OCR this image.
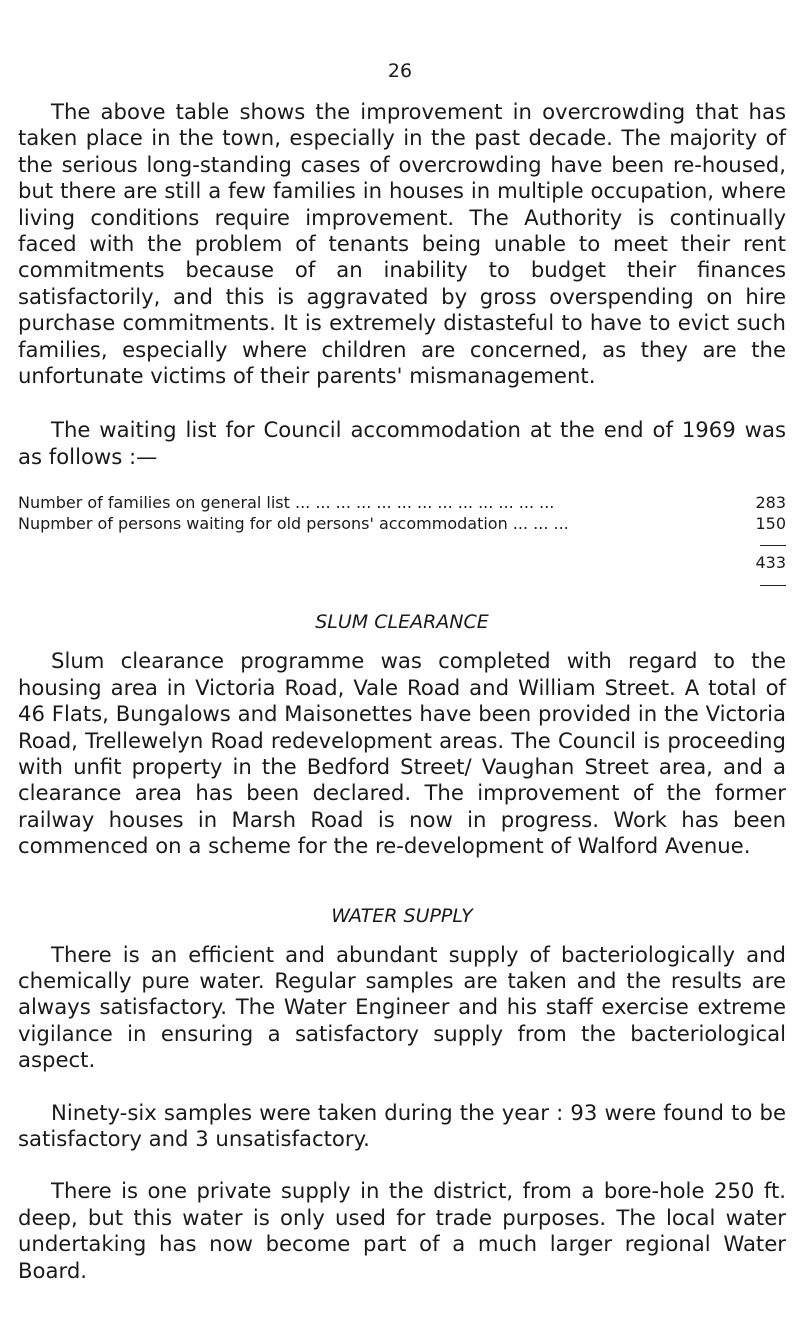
26

The above table shows the improvement in overcrowding that has taken place in the town, especially in the past decade. The majority of the serious long-standing cases of overcrowding have been re-housed, but there are still a few families in houses in multiple occupation, where living conditions require improvement. The Authority is continually faced with the problem of tenants being unable to meet their rent commitments because of an inability to budget their finances satisfactorily, and this is aggravated by gross overspending on hire purchase commitments. It is extremely distasteful to have to evict such families, especially where children are concerned, as they are the unfortunate victims of their parents' mismanagement.

The waiting list for Council accommodation at the end of 1969 was as follows :—

Number of families on general list ... ... ... ... ... ... ... ... ... ... ... ... ...	283
Nupmber of persons waiting for old persons' accommodation ... ... ...	150
433

SLUM CLEARANCE

Slum clearance programme was completed with regard to the housing area in Victoria Road, Vale Road and William Street. A total of 46 Flats, Bungalows and Maisonettes have been provided in the Victoria Road, Trellewelyn Road redevelopment areas. The Council is proceeding with unfit property in the Bedford Street/ Vaughan Street area, and a clearance area has been declared. The improvement of the former railway houses in Marsh Road is now in progress. Work has been commenced on a scheme for the re-development of Walford Avenue.

WATER SUPPLY

There is an efficient and abundant supply of bacteriologically and chemically pure water. Regular samples are taken and the results are always satisfactory. The Water Engineer and his staff exercise extreme vigilance in ensuring a satisfactory supply from the bacteriological aspect.

Ninety-six samples were taken during the year : 93 were found to be satisfactory and 3 unsatisfactory.

There is one private supply in the district, from a bore-hole 250 ft. deep, but this water is only used for trade purposes. The local water undertaking has now become part of a much larger regional Water Board.
